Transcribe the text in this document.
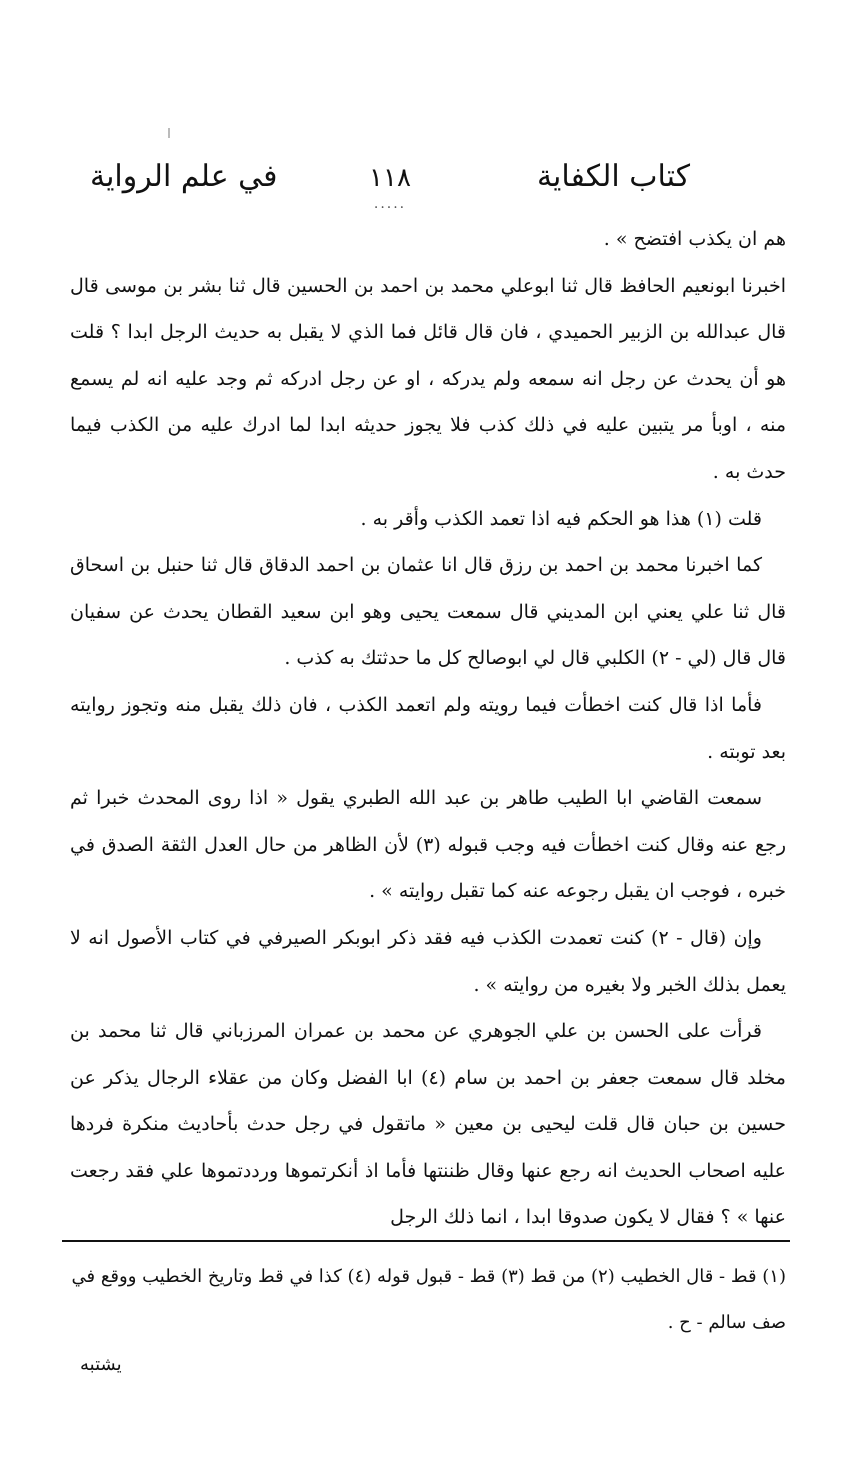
كتاب الكفاية
١١٨
.....
في علم الرواية

هم ان يكذب افتضح » .

اخبرنا ابونعيم الحافظ قال ثنا ابوعلي محمد بن احمد بن الحسين قال ثنا بشر بن موسى قال قال عبدالله بن الزبير الحميدي ، فان قال قائل فما الذي لا يقبل به حديث الرجل ابدا ؟ قلت هو أن يحدث عن رجل انه سمعه ولم يدركه ، او عن رجل ادركه ثم وجد عليه انه لم يسمع منه ، اوبأ مر يتبين عليه في ذلك كذب فلا يجوز حديثه ابدا لما ادرك عليه من الكذب فيما حدث به .

قلت (١) هذا هو الحكم فيه اذا تعمد الكذب وأقر به .

كما اخبرنا محمد بن احمد بن رزق قال انا عثمان بن احمد الدقاق قال ثنا حنبل بن اسحاق قال ثنا علي يعني ابن المديني قال سمعت يحيى وهو ابن سعيد القطان يحدث عن سفيان قال قال (لي - ٢) الكلبي قال لي ابوصالح كل ما حدثتك به كذب .

فأما اذا قال كنت اخطأت فيما رويته ولم اتعمد الكذب ، فان ذلك يقبل منه وتجوز روايته بعد توبته .

سمعت القاضي ابا الطيب طاهر بن عبد الله الطبري يقول « اذا روى المحدث خبرا ثم رجع عنه وقال كنت اخطأت فيه وجب قبوله (٣) لأن الظاهر من حال العدل الثقة الصدق في خبره ، فوجب ان يقبل رجوعه عنه كما تقبل روايته » .

وإن (قال - ٢) كنت تعمدت الكذب فيه فقد ذكر ابوبكر الصيرفي في كتاب الأصول انه لا يعمل بذلك الخبر ولا بغيره من روايته » .

قرأت على الحسن بن علي الجوهري عن محمد بن عمران المرزباني قال ثنا محمد بن مخلد قال سمعت جعفر بن احمد بن سام (٤) ابا الفضل وكان من عقلاء الرجال يذكر عن حسين بن حبان قال قلت ليحيى بن معين « ماتقول في رجل حدث بأحاديث منكرة فردها عليه اصحاب الحديث انه رجع عنها وقال ظننتها فأما اذ أنكرتموها ورددتموها علي فقد رجعت عنها » ؟ فقال لا يكون صدوقا ابدا ، انما ذلك الرجل

(١) قط - قال الخطيب (٢) من قط (٣) قط - قبول قوله (٤) كذا في قط وتاريخ الخطيب ووقع في صف سالم - ح .

يشتبه
